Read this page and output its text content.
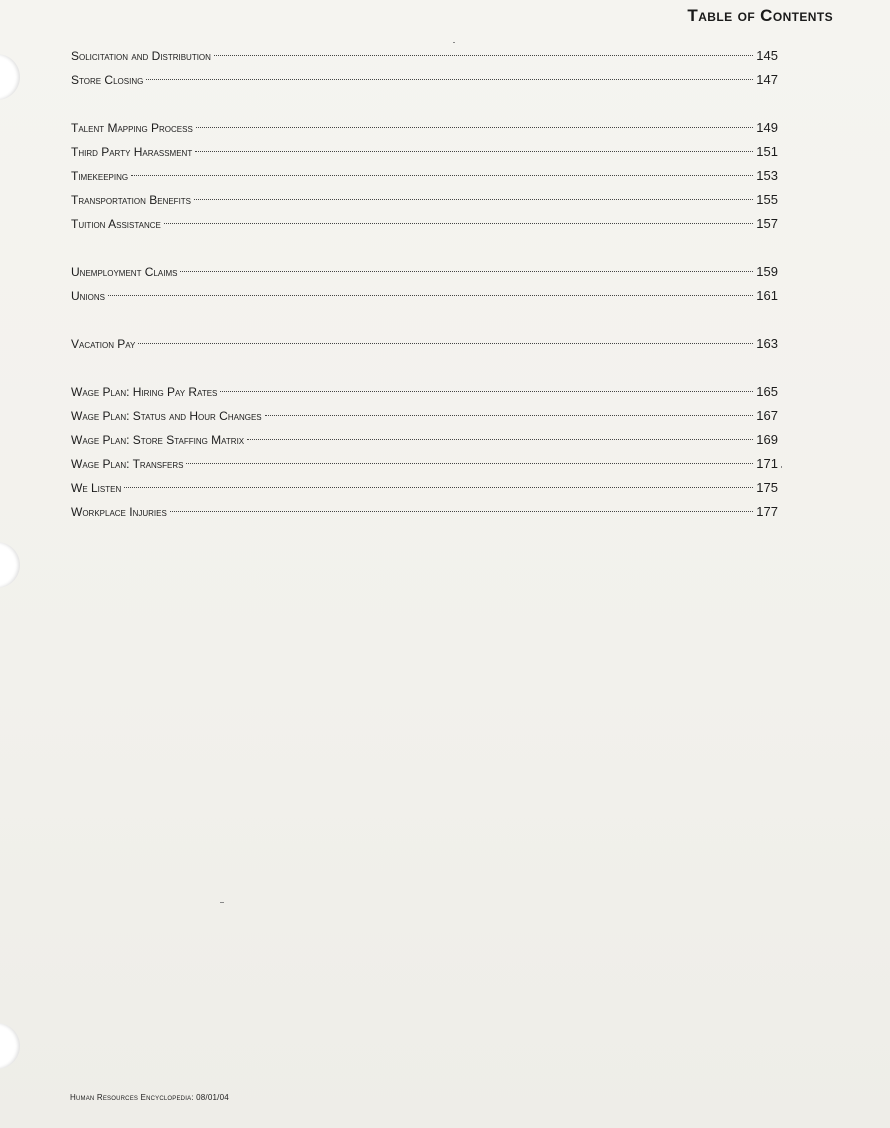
Table of Contents
Solicitation and Distribution	145
Store Closing	147
Talent Mapping Process	149
Third Party Harassment	151
Timekeeping	153
Transportation Benefits	155
Tuition Assistance	157
Unemployment Claims	159
Unions	161
Vacation Pay	163
Wage Plan: Hiring Pay Rates	165
Wage Plan: Status and Hour Changes	167
Wage Plan: Store Staffing Matrix	169
Wage Plan: Transfers	171
We Listen	175
Workplace Injuries	177
Human Resources Encyclopedia: 08/01/04
